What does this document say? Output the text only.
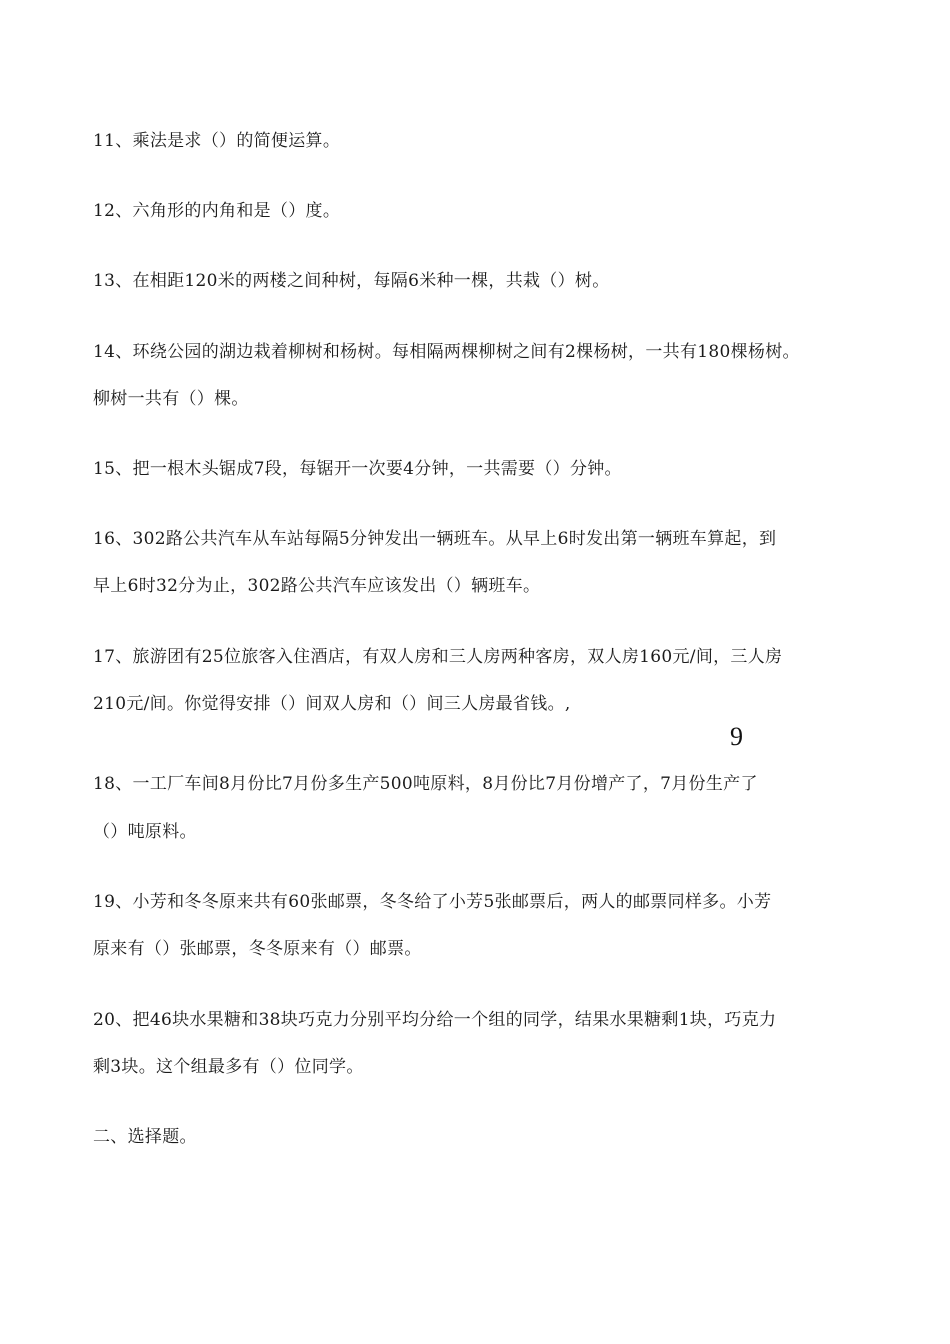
11、乘法是求（）的简便运算。
12、六角形的内角和是（）度。
13、在相距120米的两楼之间种树，每隔6米种一棵，共栽（）树。
14、环绕公园的湖边栽着柳树和杨树。每相隔两棵柳树之间有2棵杨树，一共有180棵杨树。
柳树一共有（）棵。
15、把一根木头锯成7段，每锯开一次要4分钟，一共需要（）分钟。
16、302路公共汽车从车站每隔5分钟发出一辆班车。从早上6时发出第一辆班车算起，到
早上6时32分为止，302路公共汽车应该发出（）辆班车。
17、旅游团有25位旅客入住酒店，有双人房和三人房两种客房，双人房160元/间，三人房
210元/间。你觉得安排（）间双人房和（）间三人房最省钱。,
9
18、一工厂车间8月份比7月份多生产500吨原料，8月份比7月份增产了，7月份生产了
（）吨原料。
19、小芳和冬冬原来共有60张邮票，冬冬给了小芳5张邮票后，两人的邮票同样多。小芳
原来有（）张邮票，冬冬原来有（）邮票。
20、把46块水果糖和38块巧克力分别平均分给一个组的同学，结果水果糖剩1块，巧克力
剩3块。这个组最多有（）位同学。
二、选择题。
